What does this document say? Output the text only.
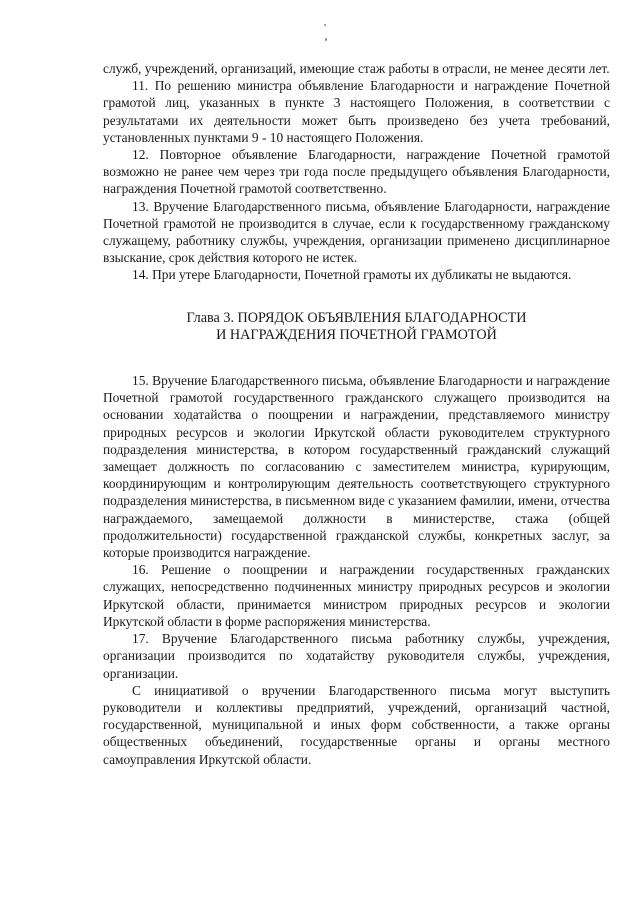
служб, учреждений, организаций, имеющие стаж работы в отрасли, не менее десяти лет.

11. По решению министра объявление Благодарности и награждение Почетной грамотой лиц, указанных в пункте 3 настоящего Положения, в соответствии с результатами их деятельности может быть произведено без учета требований, установленных пунктами 9 - 10 настоящего Положения.

12. Повторное объявление Благодарности, награждение Почетной грамотой возможно не ранее чем через три года после предыдущего объявления Благодарности, награждения Почетной грамотой соответственно.

13. Вручение Благодарственного письма, объявление Благодарности, награждение Почетной грамотой не производится в случае, если к государственному гражданскому служащему, работнику службы, учреждения, организации применено дисциплинарное взыскание, срок действия которого не истек.

14. При утере Благодарности, Почетной грамоты их дубликаты не выдаются.

Глава 3. ПОРЯДОК ОБЪЯВЛЕНИЯ БЛАГОДАРНОСТИ
И НАГРАЖДЕНИЯ ПОЧЕТНОЙ ГРАМОТОЙ

15. Вручение Благодарственного письма, объявление Благодарности и награждение Почетной грамотой государственного гражданского служащего производится на основании ходатайства о поощрении и награждении, представляемого министру природных ресурсов и экологии Иркутской области руководителем структурного подразделения министерства, в котором государственный гражданский служащий замещает должность по согласованию с заместителем министра, курирующим, координирующим и контролирующим деятельность соответствующего структурного подразделения министерства, в письменном виде с указанием фамилии, имени, отчества награждаемого, замещаемой должности в министерстве, стажа (общей продолжительности) государственной гражданской службы, конкретных заслуг, за которые производится награждение.

16. Решение о поощрении и награждении государственных гражданских служащих, непосредственно подчиненных министру природных ресурсов и экологии Иркутской области, принимается министром природных ресурсов и экологии Иркутской области в форме распоряжения министерства.

17. Вручение Благодарственного письма работнику службы, учреждения, организации производится по ходатайству руководителя службы, учреждения, организации.

С инициативой о вручении Благодарственного письма могут выступить руководители и коллективы предприятий, учреждений, организаций частной, государственной, муниципальной и иных форм собственности, а также органы общественных объединений, государственные органы и органы местного самоуправления Иркутской области.
